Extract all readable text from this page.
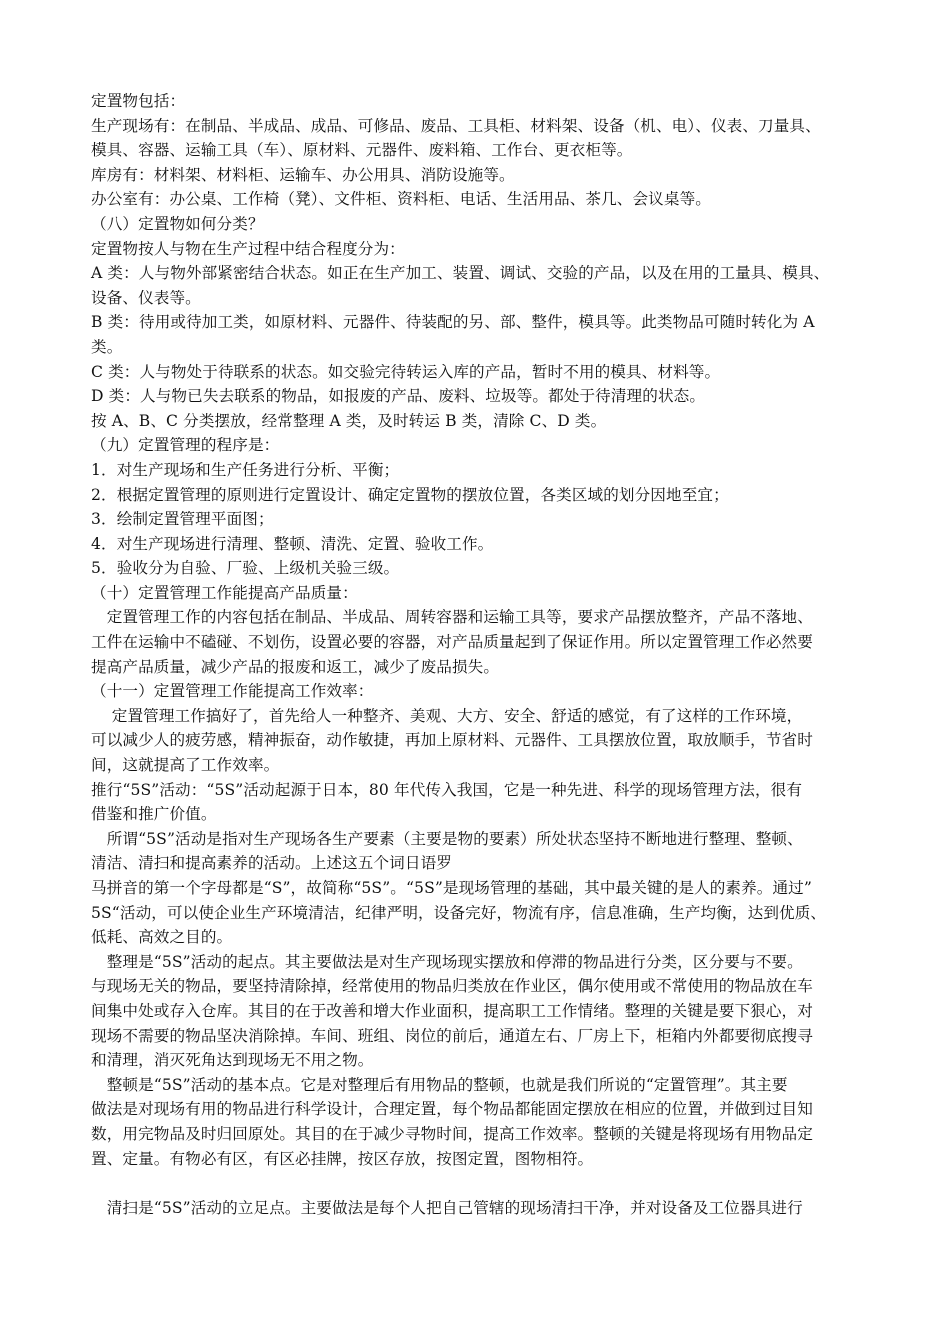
定置物包括：
生产现场有：在制品、半成品、成品、可修品、废品、工具柜、材料架、设备（机、电）、仪表、刀量具、
模具、容器、运输工具（车）、原材料、元器件、废料箱、工作台、更衣柜等。
库房有：材料架、材料柜、运输车、办公用具、消防设施等。
办公室有：办公桌、工作椅（凳）、文件柜、资料柜、电话、生活用品、茶几、会议桌等。
（八）定置物如何分类？
定置物按人与物在生产过程中结合程度分为：
A 类：人与物外部紧密结合状态。如正在生产加工、装置、调试、交验的产品，以及在用的工量具、模具、
设备、仪表等。
B 类：待用或待加工类，如原材料、元器件、待装配的另、部、整件，模具等。此类物品可随时转化为 A
类。
C 类：人与物处于待联系的状态。如交验完待转运入库的产品，暂时不用的模具、材料等。
D 类：人与物已失去联系的物品，如报废的产品、废料、垃圾等。都处于待清理的状态。
按 A、B、C 分类摆放，经常整理 A 类，及时转运 B 类，清除 C、D 类。
（九）定置管理的程序是：
1．对生产现场和生产任务进行分析、平衡；
2．根据定置管理的原则进行定置设计、确定定置物的摆放位置，各类区域的划分因地至宜；
3．绘制定置管理平面图；
4．对生产现场进行清理、整顿、清洗、定置、验收工作。
5．验收分为自验、厂验、上级机关验三级。
（十）定置管理工作能提高产品质量：
　定置管理工作的内容包括在制品、半成品、周转容器和运输工具等，要求产品摆放整齐，产品不落地、
工件在运输中不磕碰、不划伤，设置必要的容器，对产品质量起到了保证作用。所以定置管理工作必然要
提高产品质量，减少产品的报废和返工，减少了废品损失。
（十一）定置管理工作能提高工作效率：
　 定置管理工作搞好了，首先给人一种整齐、美观、大方、安全、舒适的感觉，有了这样的工作环境，
可以减少人的疲劳感，精神振奋，动作敏捷，再加上原材料、元器件、工具摆放位置，取放顺手，节省时
间，这就提高了工作效率。
推行“5S”活动：“5S”活动起源于日本，80 年代传入我国，它是一种先进、科学的现场管理方法，很有
借鉴和推广价值。
　所谓“5S”活动是指对生产现场各生产要素（主要是物的要素）所处状态坚持不断地进行整理、整顿、
清洁、清扫和提高素养的活动。上述这五个词日语罗
马拼音的第一个字母都是“S”，故简称“5S”。“5S”是现场管理的基础，其中最关键的是人的素养。通过”
5S“活动，可以使企业生产环境清洁，纪律严明，设备完好，物流有序，信息准确，生产均衡，达到优质、
低耗、高效之目的。
　整理是“5S”活动的起点。其主要做法是对生产现场现实摆放和停滞的物品进行分类，区分要与不要。
与现场无关的物品，要坚持清除掉，经常使用的物品归类放在作业区，偶尔使用或不常使用的物品放在车
间集中处或存入仓库。其目的在于改善和增大作业面积，提高职工工作情绪。整理的关键是要下狠心，对
现场不需要的物品坚决消除掉。车间、班组、岗位的前后，通道左右、厂房上下，柜箱内外都要彻底搜寻
和清理，消灭死角达到现场无不用之物。
　整顿是“5S”活动的基本点。它是对整理后有用物品的整顿，也就是我们所说的“定置管理”。其主要
做法是对现场有用的物品进行科学设计，合理定置，每个物品都能固定摆放在相应的位置，并做到过目知
数，用完物品及时归回原处。其目的在于减少寻物时间，提高工作效率。整顿的关键是将现场有用物品定
置、定量。有物必有区，有区必挂牌，按区存放，按图定置，图物相符。
　清扫是“5S”活动的立足点。主要做法是每个人把自己管辖的现场清扫干净，并对设备及工位器具进行
